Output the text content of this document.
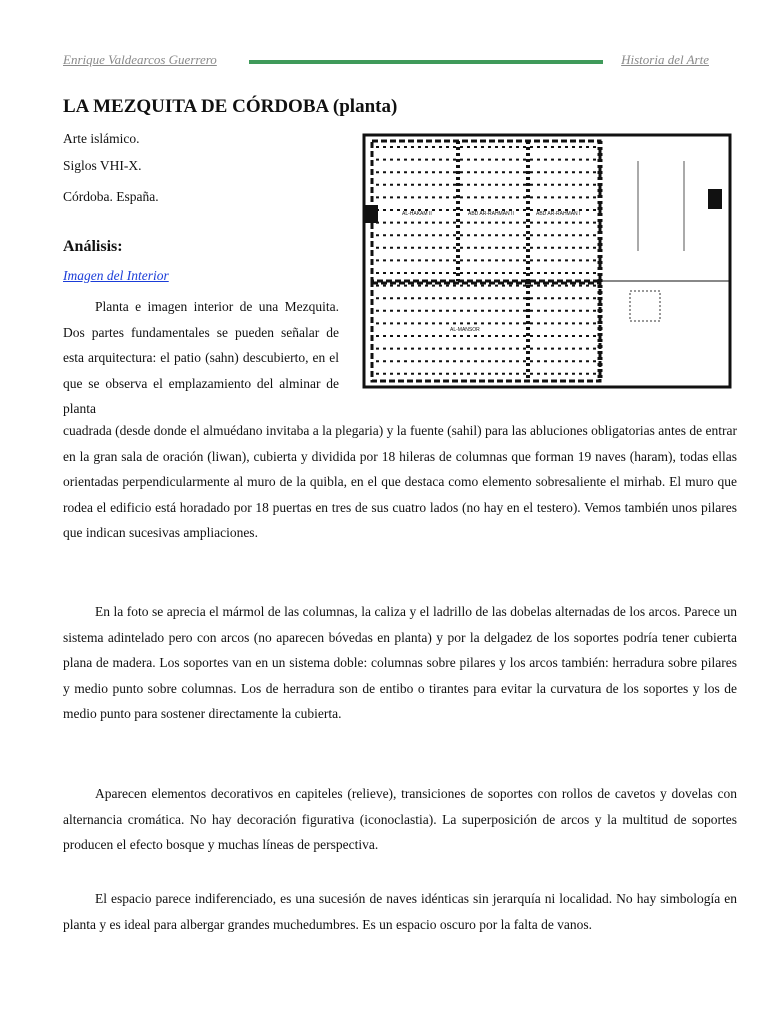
Enrique Valdearcos Guerrero	Historia del Arte
LA MEZQUITA DE CÓRDOBA (planta)

Arte islámico.

Siglos VHI-X.

Córdoba. España.

Análisis:
Imagen del Interior
AL-HAKAM II	ABD AR-RAHMAN II	ABD AR-RAHMAN I
AL-MANSOR

Planta e imagen interior de una Mezquita. Dos partes fundamentales se pueden señalar de esta arquitectura: el patio (sahn) descubierto, en el que se observa el emplazamiento del alminar de planta

cuadrada (desde donde el almuédano invitaba a la plegaria) y la fuente (sahil) para las abluciones obligatorias antes de entrar en la gran sala de oración (liwan), cubierta y dividida por 18 hileras de columnas que forman 19 naves (haram), todas ellas orientadas perpendicularmente al muro de la quibla, en el que destaca como elemento sobresaliente el mirhab. El muro que rodea el edificio está horadado por 18 puertas en tres de sus cuatro lados (no hay en el testero). Vemos también unos pilares que indican sucesivas ampliaciones.

En la foto se aprecia el mármol de las columnas, la caliza y el ladrillo de las dobelas alternadas de los arcos. Parece un sistema adintelado pero con arcos (no aparecen bóvedas en planta) y por la delgadez de los soportes podría tener cubierta plana de madera. Los soportes van en un sistema doble: columnas sobre pilares y los arcos también: herradura sobre pilares y medio punto sobre columnas. Los de herradura son de entibo o tirantes para evitar la curvatura de los soportes y los de medio punto para sostener directamente la cubierta.

Aparecen elementos decorativos en capiteles (relieve), transiciones de soportes con rollos de cavetos y dovelas con alternancia cromática. No hay decoración figurativa (iconoclastia). La superposición de arcos y la multitud de soportes producen el efecto bosque y muchas líneas de perspectiva.

El espacio parece indiferenciado, es una sucesión de naves idénticas sin jerarquía ni localidad. No hay simbología en planta y es ideal para albergar grandes muchedumbres. Es un espacio oscuro por la falta de vanos.
